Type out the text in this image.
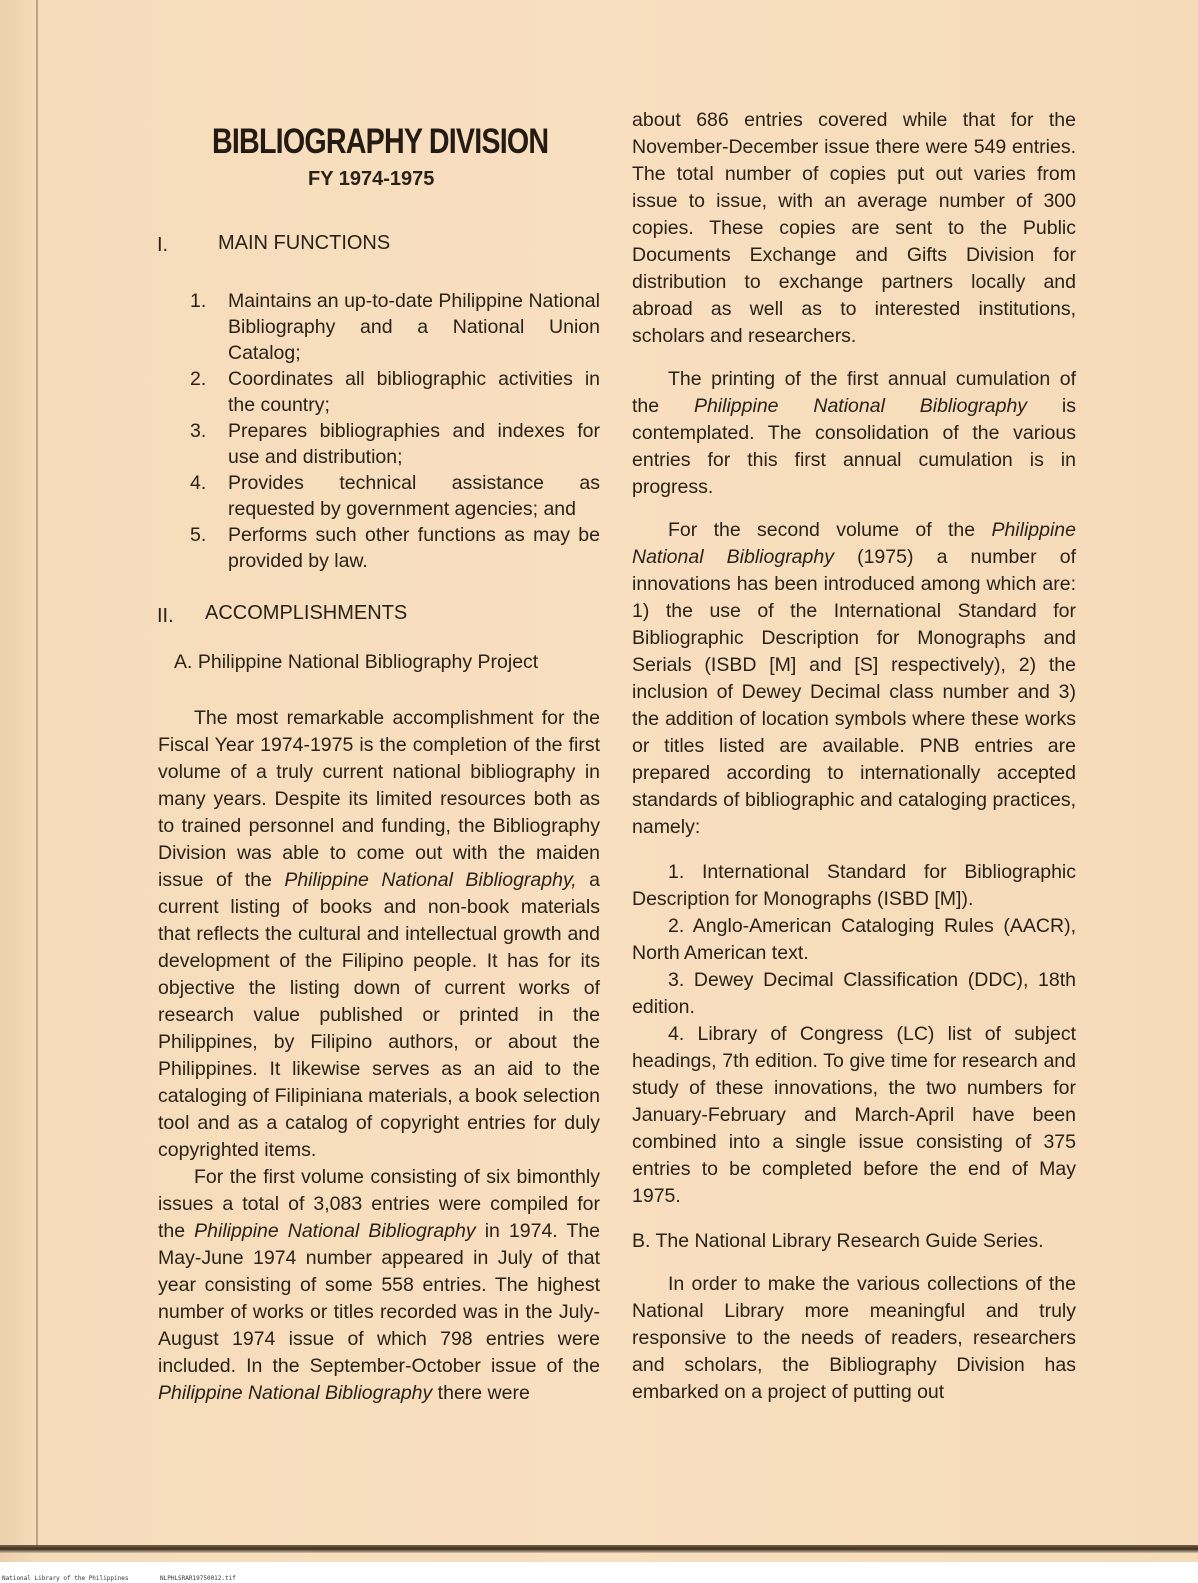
BIBLIOGRAPHY DIVISION
FY 1974-1975
I. MAIN FUNCTIONS
1.	Maintains an up-to-date Philippine National Bibliography and a National Union Catalog;
2.	Coordinates all bibliographic activities in the country;
3.	Prepares bibliographies and indexes for use and distribution;
4.	Provides technical assistance as requested by government agencies; and
5.	Performs such other functions as may be provided by law.
II. ACCOMPLISHMENTS
A. Philippine National Bibliography Project

The most remarkable accomplishment for the Fiscal Year 1974-1975 is the completion of the first volume of a truly current national bibliography in many years. Despite its limited resources both as to trained personnel and funding, the Bibliography Division was able to come out with the maiden issue of the Philippine National Bibliography, a current listing of books and non-book materials that reflects the cultural and intellectual growth and development of the Filipino people. It has for its objective the listing down of current works of research value published or printed in the Philippines, by Filipino authors, or about the Philippines. It likewise serves as an aid to the cataloging of Filipiniana materials, a book selection tool and as a catalog of copyright entries for duly copyrighted items.

For the first volume consisting of six bimonthly issues a total of 3,083 entries were compiled for the Philippine National Bibliography in 1974. The May-June 1974 number appeared in July of that year consisting of some 558 entries. The highest number of works or titles recorded was in the July-August 1974 issue of which 798 entries were included. In the September-October issue of the Philippine National Bibliography there were

about 686 entries covered while that for the November-December issue there were 549 entries. The total number of copies put out varies from issue to issue, with an average number of 300 copies. These copies are sent to the Public Documents Exchange and Gifts Division for distribution to exchange partners locally and abroad as well as to interested institutions, scholars and researchers.

The printing of the first annual cumulation of the Philippine National Bibliography is contemplated. The consolidation of the various entries for this first annual cumulation is in progress.

For the second volume of the Philippine National Bibliography (1975) a number of innovations has been introduced among which are: 1) the use of the International Standard for Bibliographic Description for Monographs and Serials (ISBD [M] and [S] respectively), 2) the inclusion of Dewey Decimal class number and 3) the addition of location symbols where these works or titles listed are available. PNB entries are prepared according to internationally accepted standards of bibliographic and cataloging practices, namely:

1. International Standard for Bibliographic Description for Monographs (ISBD [M]).

2. Anglo-American Cataloging Rules (AACR), North American text.

3. Dewey Decimal Classification (DDC), 18th edition.

4. Library of Congress (LC) list of subject headings, 7th edition. To give time for research and study of these innovations, the two numbers for January-February and March-April have been combined into a single issue consisting of 375 entries to be completed before the end of May 1975.

B. The National Library Research Guide Series.

In order to make the various collections of the National Library more meaningful and truly responsive to the needs of readers, researchers and scholars, the Bibliography Division has embarked on a project of putting out

National Library of the Philippines	NLPHLSRAR19750012.tif
